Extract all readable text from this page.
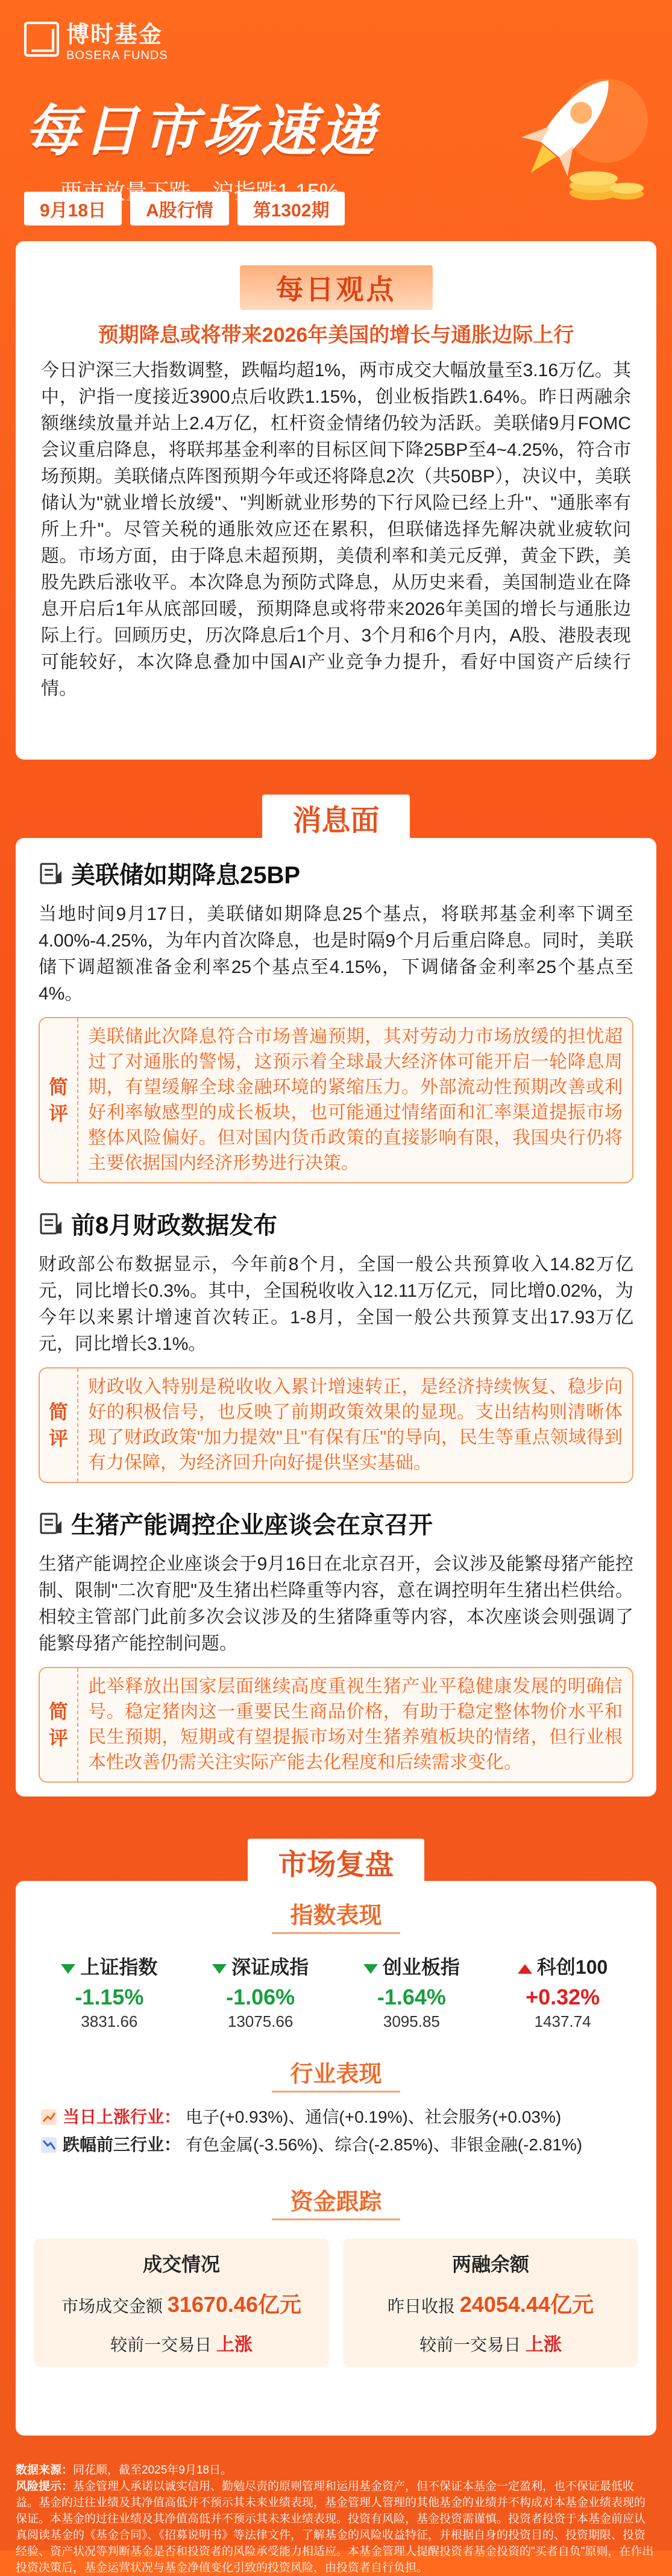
博时基金
BOSERA FUNDS
每日市场速递
9月18日	A股行情	第1302期
每日观点
预期降息或将带来2026年美国的增长与通胀边际上行
今日沪深三大指数调整，跌幅均超1%，两市成交大幅放量至3.16万亿。其中，沪指一度接近3900点后收跌1.15%，创业板指跌1.64%。昨日两融余额继续放量并站上2.4万亿，杠杆资金情绪仍较为活跃。美联储9月FOMC会议重启降息，将联邦基金利率的目标区间下降25BP至4~4.25%，符合市场预期。美联储点阵图预期今年或还将降息2次（共50BP），决议中，美联储认为"就业增长放缓"、"判断就业形势的下行风险已经上升"、"通胀率有所上升"。尽管关税的通胀效应还在累积，但联储选择先解决就业疲软问题。市场方面，由于降息未超预期，美债利率和美元反弹，黄金下跌，美股先跌后涨收平。本次降息为预防式降息，从历史来看，美国制造业在降息开启后1年从底部回暖，预期降息或将带来2026年美国的增长与通胀边际上行。回顾历史，历次降息后1个月、3个月和6个月内，A股、港股表现可能较好，本次降息叠加中国AI产业竞争力提升，看好中国资产后续行情。
消息面
美联储如期降息25BP
当地时间9月17日，美联储如期降息25个基点，将联邦基金利率下调至4.00%-4.25%，为年内首次降息，也是时隔9个月后重启降息。同时，美联储下调超额准备金利率25个基点至4.15%，下调储备金利率25个基点至4%。
简
评
美联储此次降息符合市场普遍预期，其对劳动力市场放缓的担忧超过了对通胀的警惕，这预示着全球最大经济体可能开启一轮降息周期，有望缓解全球金融环境的紧缩压力。外部流动性预期改善或利好利率敏感型的成长板块，也可能通过情绪面和汇率渠道提振市场整体风险偏好。但对国内货币政策的直接影响有限，我国央行仍将主要依据国内经济形势进行决策。
前8月财政数据发布
财政部公布数据显示，今年前8个月，全国一般公共预算收入14.82万亿元，同比增长0.3%。其中，全国税收收入12.11万亿元，同比增0.02%，为今年以来累计增速首次转正。1-8月，全国一般公共预算支出17.93万亿元，同比增长3.1%。
简
评
财政收入特别是税收收入累计增速转正，是经济持续恢复、稳步向好的积极信号，也反映了前期政策效果的显现。支出结构则清晰体现了财政政策"加力提效"且"有保有压"的导向，民生等重点领域得到有力保障，为经济回升向好提供坚实基础。
生猪产能调控企业座谈会在京召开
生猪产能调控企业座谈会于9月16日在北京召开，会议涉及能繁母猪产能控制、限制"二次育肥"及生猪出栏降重等内容，意在调控明年生猪出栏供给。相较主管部门此前多次会议涉及的生猪降重等内容，本次座谈会则强调了能繁母猪产能控制问题。
简
评
此举释放出国家层面继续高度重视生猪产业平稳健康发展的明确信号。稳定猪肉这一重要民生商品价格，有助于稳定整体物价水平和民生预期，短期或有望提振市场对生猪养殖板块的情绪，但行业根本性改善仍需关注实际产能去化程度和后续需求变化。
市场复盘
指数表现
上证指数
-1.15%
3831.66
深证成指
-1.06%
13075.66
创业板指
-1.64%
3095.85
科创100
+0.32%
1437.74
行业表现
当日上涨行业： 电子(+0.93%)、通信(+0.19%)、社会服务(+0.03%)
跌幅前三行业： 有色金属(-3.56%)、综合(-2.85%)、非银金融(-2.81%)
资金跟踪
成交情况
市场成交金额 31670.46亿元
较前一交易日 上涨
两融余额
昨日收报 24054.44亿元
较前一交易日 上涨
数据来源：同花顺，截至2025年9月18日。
风险提示：基金管理人承诺以诚实信用、勤勉尽责的原则管理和运用基金资产，但不保证本基金一定盈利，也不保证最低收益。基金的过往业绩及其净值高低并不预示其未来业绩表现，基金管理人管理的其他基金的业绩并不构成对本基金业绩表现的保证。本基金的过往业绩及其净值高低并不预示其未来业绩表现。投资有风险，基金投资需谨慎。投资者投资于本基金前应认真阅读基金的《基金合同》、《招募说明书》等法律文件，了解基金的风险收益特征，并根据自身的投资目的、投资期限、投资经验、资产状况等判断基金是否和投资者的风险承受能力相适应。本基金管理人提醒投资者基金投资的"买者自负"原则，在作出投资决策后，基金运营状况与基金净值变化引致的投资风险，由投资者自行负担。
